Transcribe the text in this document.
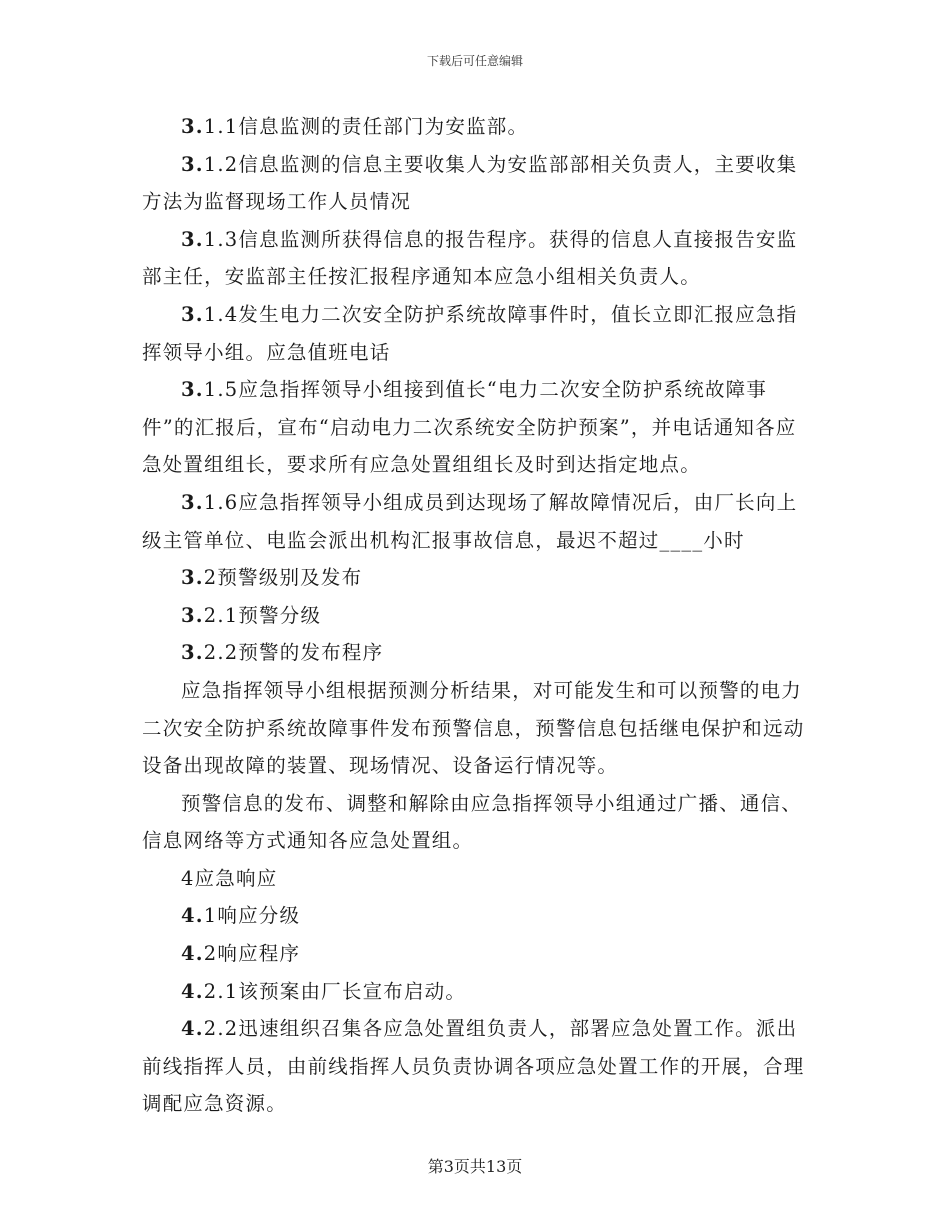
下载后可任意编辑

3.1.1信息监测的责任部门为安监部。

3.1.2信息监测的信息主要收集人为安监部部相关负责人，主要收集方法为监督现场工作人员情况

3.1.3信息监测所获得信息的报告程序。获得的信息人直接报告安监部主任，安监部主任按汇报程序通知本应急小组相关负责人。

3.1.4发生电力二次安全防护系统故障事件时，值长立即汇报应急指挥领导小组。应急值班电话

3.1.5应急指挥领导小组接到值长“电力二次安全防护系统故障事件”的汇报后，宣布“启动电力二次系统安全防护预案”，并电话通知各应急处置组组长，要求所有应急处置组组长及时到达指定地点。

3.1.6应急指挥领导小组成员到达现场了解故障情况后，由厂长向上级主管单位、电监会派出机构汇报事故信息，最迟不超过____小时

3.2预警级别及发布

3.2.1预警分级

3.2.2预警的发布程序

应急指挥领导小组根据预测分析结果，对可能发生和可以预警的电力二次安全防护系统故障事件发布预警信息，预警信息包括继电保护和远动设备出现故障的装置、现场情况、设备运行情况等。

预警信息的发布、调整和解除由应急指挥领导小组通过广播、通信、信息网络等方式通知各应急处置组。

4应急响应

4.1响应分级

4.2响应程序

4.2.1该预案由厂长宣布启动。

4.2.2迅速组织召集各应急处置组负责人，部署应急处置工作。派出前线指挥人员，由前线指挥人员负责协调各项应急处置工作的开展，合理调配应急资源。

第3页共13页
